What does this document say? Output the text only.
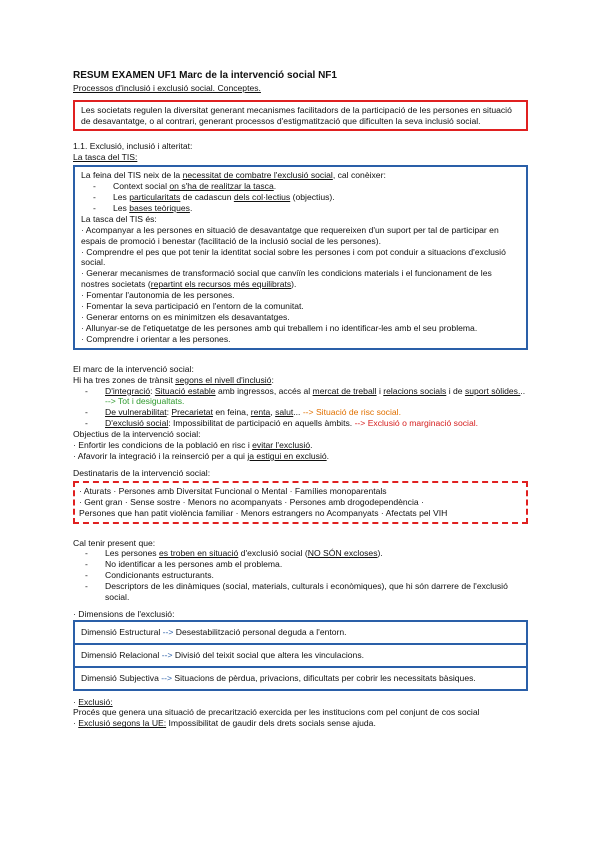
RESUM EXAMEN UF1 Marc de la intervenció social NF1

Processos d'inclusió i exclusió social. Conceptes.

Les societats regulen la diversitat generant mecanismes facilitadors de la participació de les persones en situació de desavantatge, o al contrari, generant processos d'estigmatització que dificulten la seva inclusió social.

1.1. Exclusió, inclusió i alteritat:

La tasca del TIS:

La feina del TIS neix de la necessitat de combatre l'exclusió social, cal conèixer:

- Context social on s'ha de realitzar la tasca.
- Les particularitats de cadascun dels col·lectius (objectius).
- Les bases teòriques.

La tasca del TIS és:

· Acompanyar a les persones en situació de desavantatge que requereixen d'un suport per tal de participar en espais de promoció i benestar (facilitació de la inclusió social de les persones).

· Comprendre el pes que pot tenir la identitat social sobre les persones i com pot conduir a situacions d'exclusió social.

· Generar mecanismes de transformació social que canviïn les condicions materials i el funcionament de les nostres societats (repartint els recursos més equilibrats).

· Fomentar l'autonomia de les persones.

· Fomentar la seva participació en l'entorn de la comunitat.

· Generar entorns on es minimitzen els desavantatges.

· Allunyar-se de l'etiquetatge de les persones amb qui treballem i no identificar-les amb el seu problema.

· Comprendre i orientar a les persones.

El marc de la intervenció social:

Hi ha tres zones de trànsit segons el nivell d'inclusió:

- D'integració: Situació estable amb ingressos, accés al mercat de treball i relacions socials i de suport sòlides... --> Tot i desigualtats.
- De vulnerabilitat: Precarietat en feina, renta, salut... --> Situació de risc social.
- D'exclusió social: Impossibilitat de participació en aquells àmbits. --> Exclusió o marginació social.

Objectius de la intervenció social:

· Enfortir les condicions de la població en risc i evitar l'exclusió.

· Afavorir la integració i la reinserció per a qui ja estigui en exclusió.

Destinataris de la intervenció social:

· Aturats · Persones amb Diversitat Funcional o Mental · Famílies monoparentals

· Gent gran · Sense sostre · Menors no acompanyats · Persones amb drogodependència ·

Persones que han patit violència familiar · Menors estrangers no Acompanyats · Afectats pel VIH

Cal tenir present que:

- Les persones es troben en situació d'exclusió social (NO SÓN excloses).
- No identificar a les persones amb el problema.
- Condicionants estructurants.
- Descriptors de les dinàmiques (social, materials, culturals i econòmiques), que hi són darrere de l'exclusió social.

· Dimensions de l'exclusió:

Dimensió Estructural --> Desestabilització personal deguda a l'entorn.
Dimensió Relacional --> Divisió del teixit social que altera les vinculacions.
Dimensió Subjectiva --> Situacions de pèrdua, privacions, dificultats per cobrir les necessitats bàsiques.

· Exclusió:

Procés que genera una situació de precarització exercida per les institucions com pel conjunt de cos social

· Exclusió segons la UE: Impossibilitat de gaudir dels drets socials sense ajuda.
